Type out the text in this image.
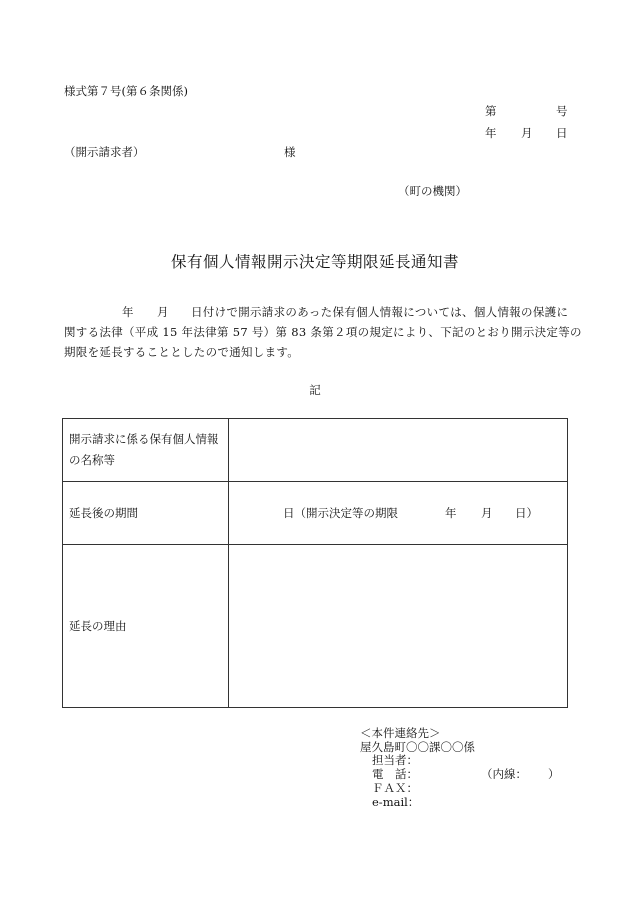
様式第７号(第６条関係)
第	号
年 月 日
（開示請求者）	様
（町の機関）
保有個人情報開示決定等期限延長通知書
年 月 日付けで開示請求のあった保有個人情報については、個人情報の保護に
関する法律（平成 15 年法律第 57 号）第 83 条第２項の規定により、下記のとおり開示決定等の
期限を延長することとしたので通知します。
記
開示請求に係る保有個人情報
の名称等	

延長後の期間	日（開示決定等の期限 年 月 日）

延長の理由	
＜本件連絡先＞
屋久島町〇〇課〇〇係
担当者：
電　話：	（内線： ）
ＦＡＸ：
e-mail：
